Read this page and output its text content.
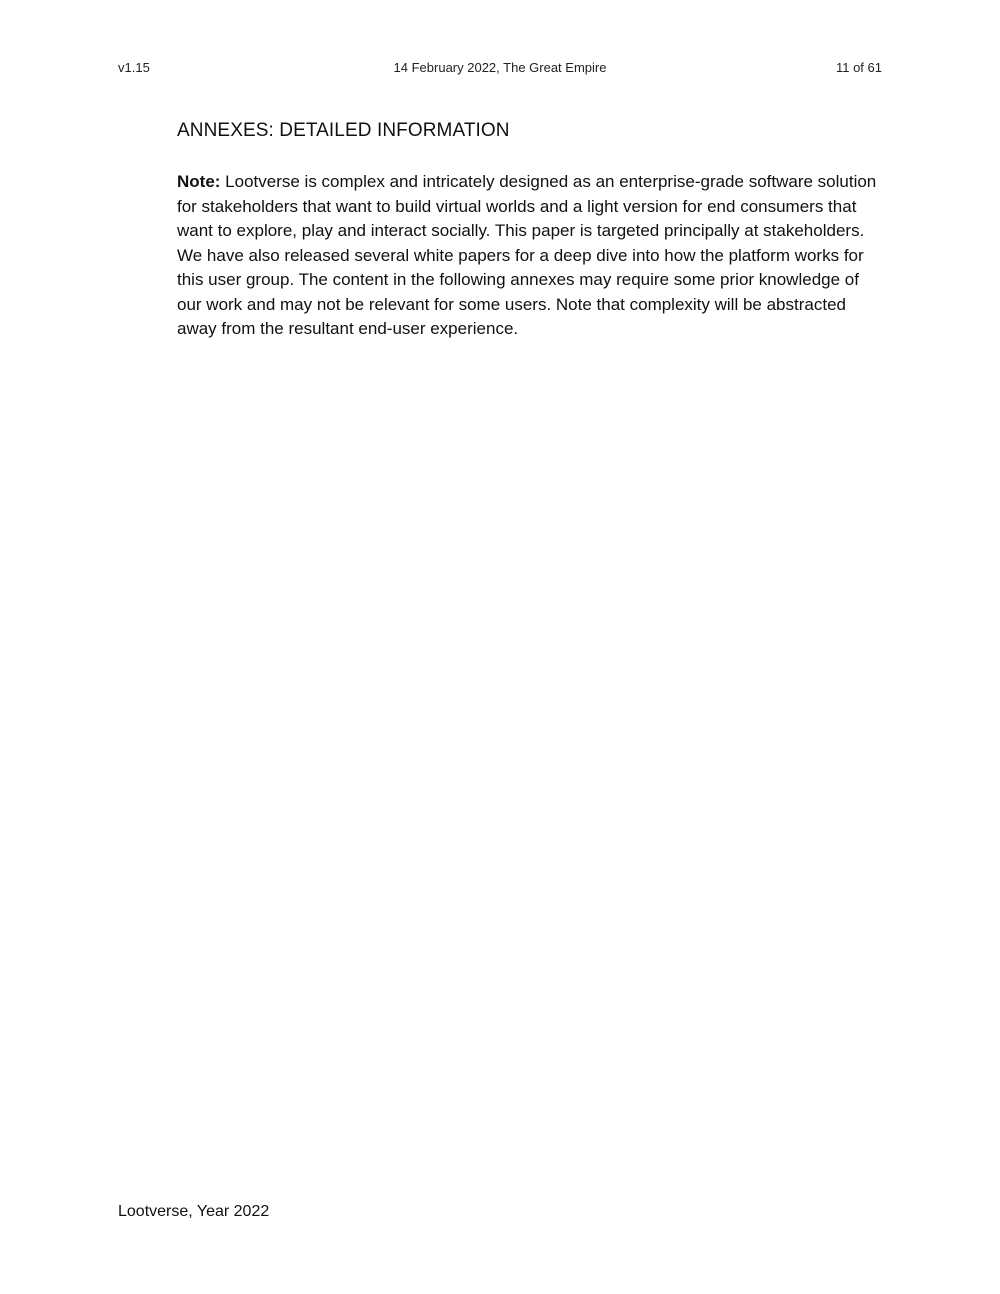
v1.15	14 February 2022, The Great Empire	11 of 61
ANNEXES: DETAILED INFORMATION

Note: Lootverse is complex and intricately designed as an enterprise-grade software solution for stakeholders that want to build virtual worlds and a light version for end consumers that want to explore, play and interact socially. This paper is targeted principally at stakeholders. We have also released several white papers for a deep dive into how the platform works for this user group. The content in the following annexes may require some prior knowledge of our work and may not be relevant for some users. Note that complexity will be abstracted away from the resultant end-user experience.

Lootverse, Year 2022
